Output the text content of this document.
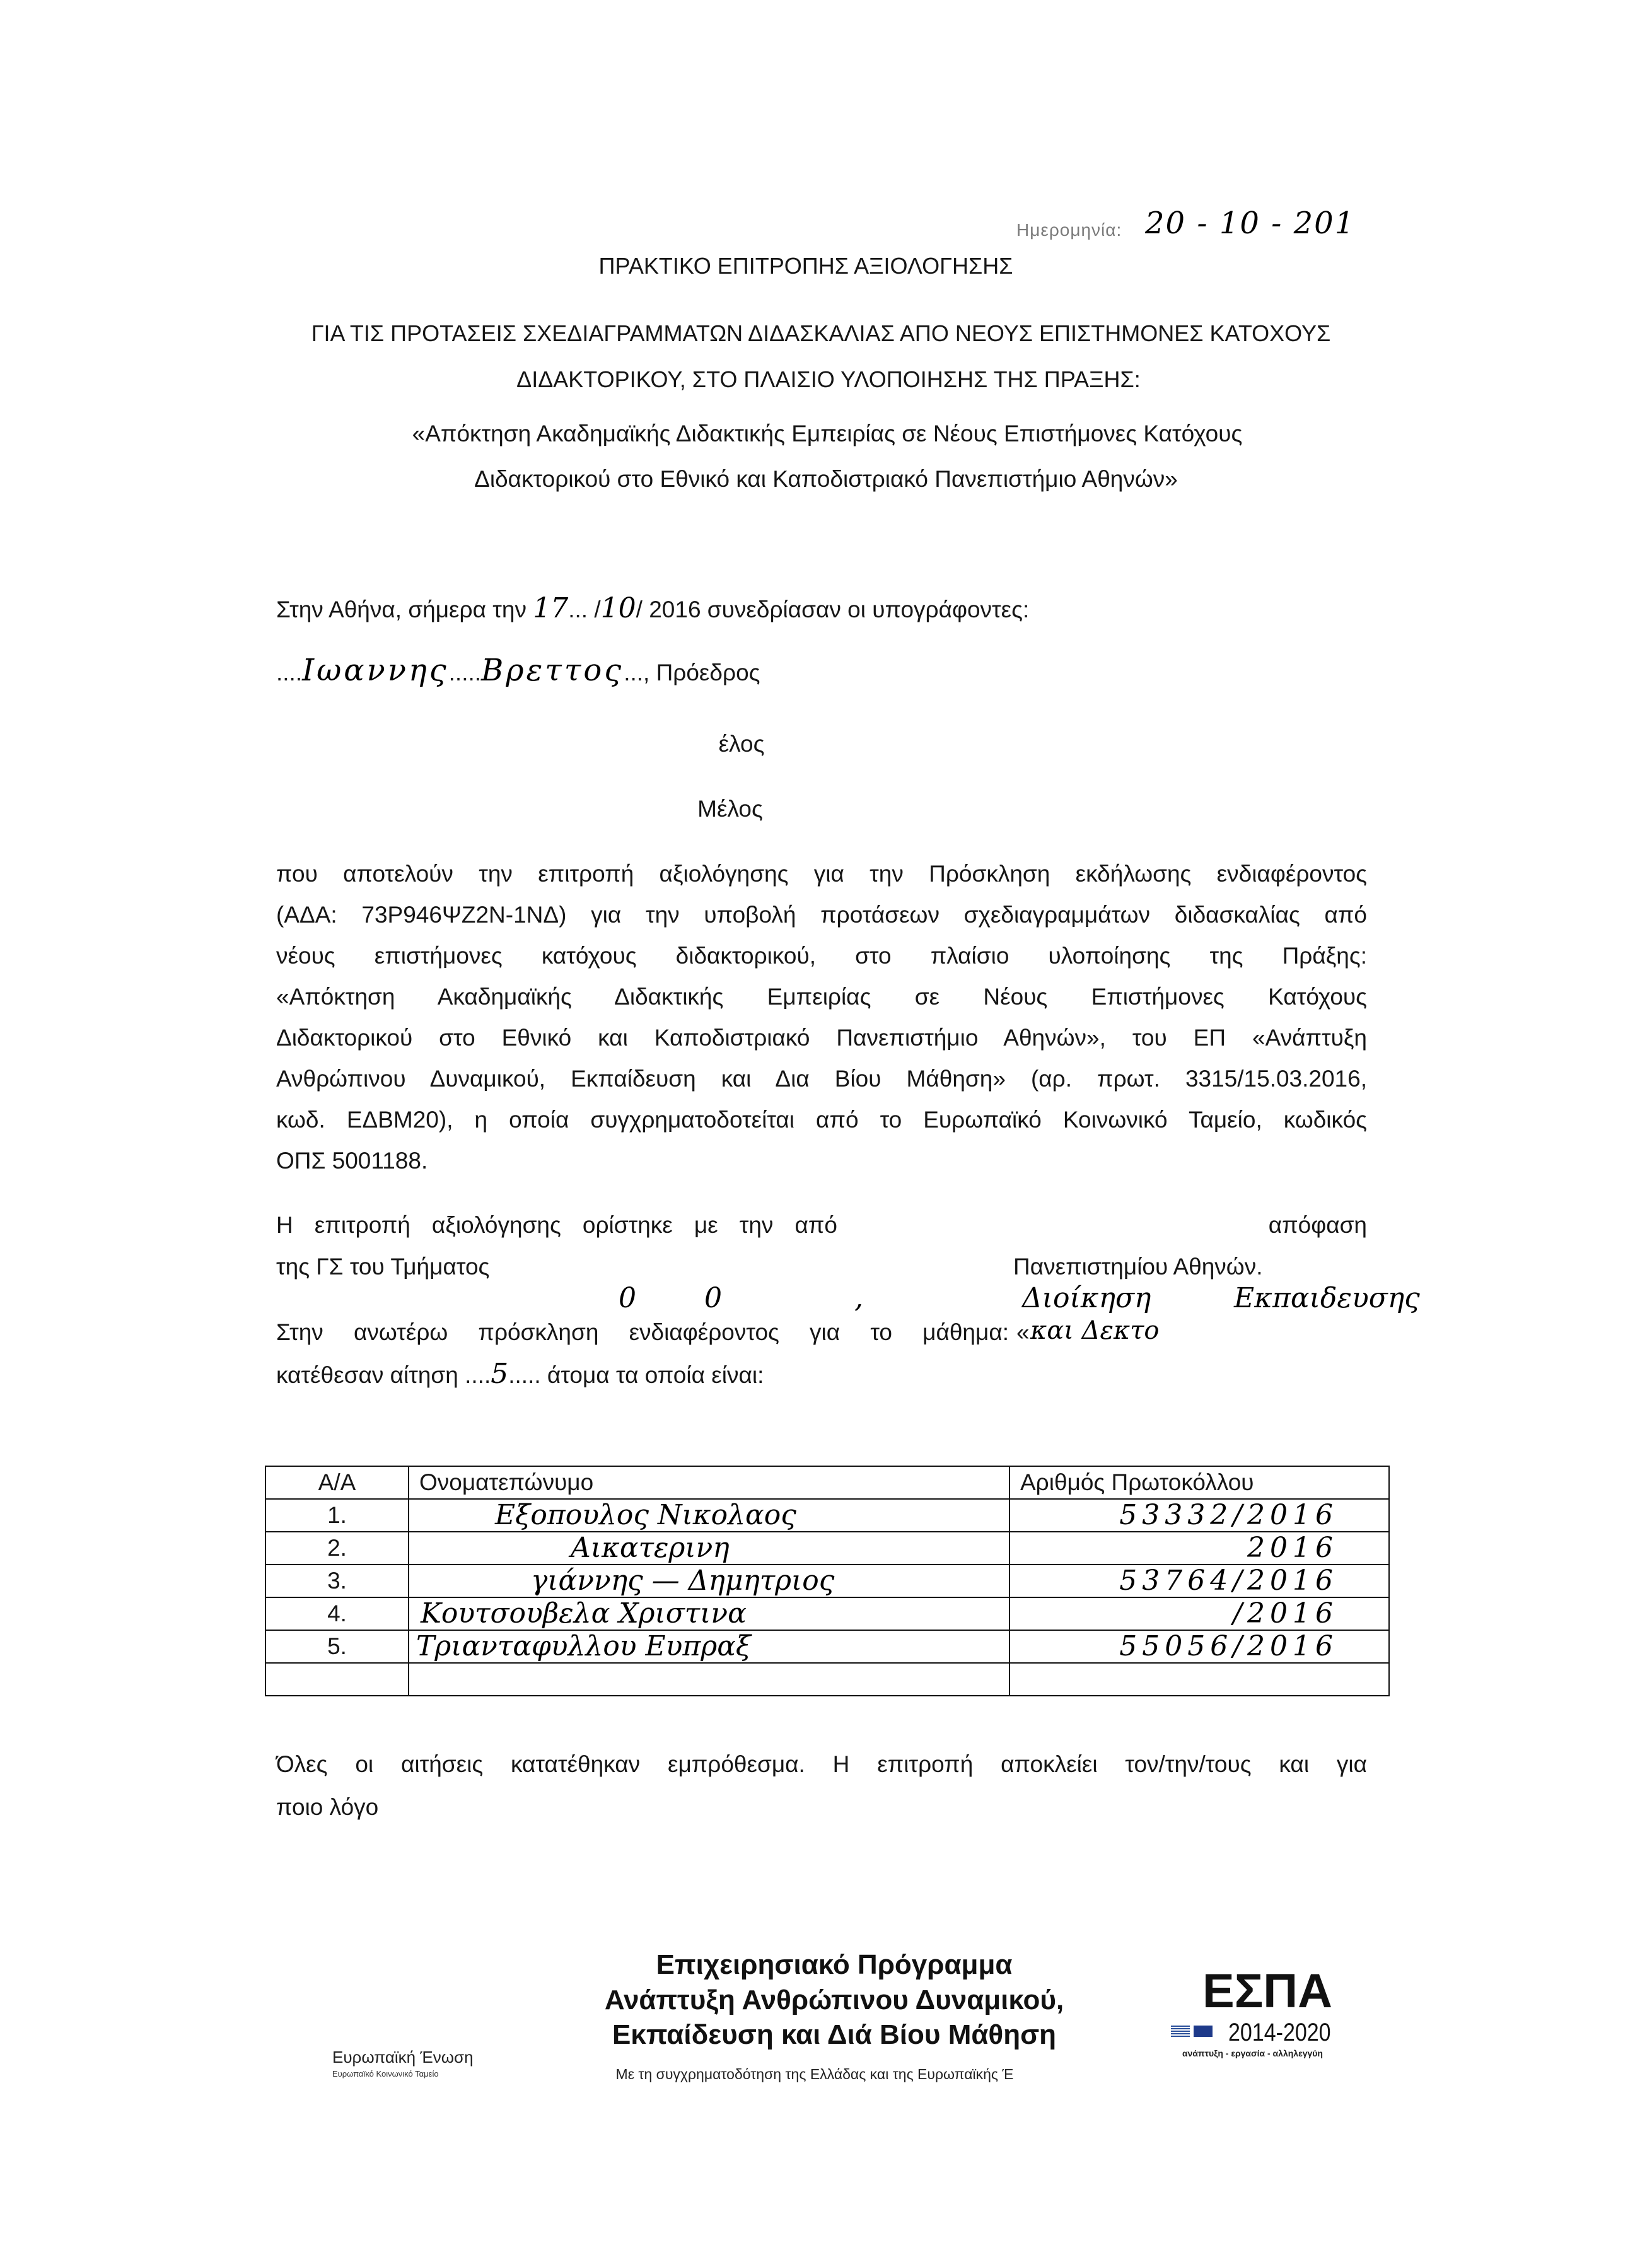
Ημερομηνία: 20 - 10 - 201
ΠΡΑΚΤΙΚΟ ΕΠΙΤΡΟΠΗΣ ΑΞΙΟΛΟΓΗΣΗΣ
ΓΙΑ ΤΙΣ ΠΡΟΤΑΣΕΙΣ ΣΧΕΔΙΑΓΡΑΜΜΑΤΩΝ ΔΙΔΑΣΚΑΛΙΑΣ ΑΠΟ ΝΕΟΥΣ ΕΠΙΣΤΗΜΟΝΕΣ ΚΑΤΟΧΟΥΣ
ΔΙΔΑΚΤΟΡΙΚΟΥ, ΣΤΟ ΠΛΑΙΣΙΟ ΥΛΟΠΟΙΗΣΗΣ ΤΗΣ ΠΡΑΞΗΣ:
«Απόκτηση Ακαδημαϊκής Διδακτικής Εμπειρίας σε Νέους Επιστήμονες Κατόχους
Διδακτορικού στο Εθνικό και Καποδιστριακό Πανεπιστήμιο Αθηνών»
Στην Αθήνα, σήμερα την 17... /10/ 2016 συνεδρίασαν οι υπογράφοντες:
....Ιωαννης.....Βρεττος..., Πρόεδρος
έλος
Μέλος
που αποτελούν την επιτροπή αξιολόγησης για την Πρόσκληση εκδήλωσης ενδιαφέροντος
(ΑΔΑ: 73Ρ946ΨΖ2Ν-1ΝΔ) για την υποβολή προτάσεων σχεδιαγραμμάτων διδασκαλίας από
νέους επιστήμονες κατόχους διδακτορικού, στο πλαίσιο υλοποίησης της Πράξης:
«Απόκτηση Ακαδημαϊκής Διδακτικής Εμπειρίας σε Νέους Επιστήμονες Κατόχους
Διδακτορικού στο Εθνικό και Καποδιστριακό Πανεπιστήμιο Αθηνών», του ΕΠ «Ανάπτυξη
Ανθρώπινου Δυναμικού, Εκπαίδευση και Δια Βίου Μάθηση» (αρ. πρωτ. 3315/15.03.2016,
κωδ. ΕΔΒΜ20), η οποία συγχρηματοδοτείται από το Ευρωπαϊκό Κοινωνικό Ταμείο, κωδικός
ΟΠΣ 5001188.
Η επιτροπή αξιολόγησης ορίστηκε με την από	απόφαση
της ΓΣ του Τμήματος	Πανεπιστημίου Αθηνών.
0 0	,	Διοίκηση	Εκπαιδευσης
Στην ανωτέρω πρόσκληση ενδιαφέροντος για το μάθημα: « και Δεκτο
κατέθεσαν αίτηση ....5..... άτομα τα οποία είναι:
Α/Α	Ονοματεπώνυμο	Αριθμός Πρωτοκόλλου
1.	Εξοπουλος Νικολαος	53332/2016
2.	Αικατερινη	2016
3.	γιάννης — Δημητριος	53764/2016
4.	Κουτσουβελα Χριστινα	/2016
5.	Τριανταφυλλου Ευπραξ	55056/2016

Όλες οι αιτήσεις κατατέθηκαν εμπρόθεσμα. Η επιτροπή αποκλείει τον/την/τους και για
ποιο λόγο
Ευρωπαϊκή Ένωση
Ευρωπαϊκό Κοινωνικό Ταμείο
Επιχειρησιακό Πρόγραμμα
Ανάπτυξη Ανθρώπινου Δυναμικού,
Εκπαίδευση και Διά Βίου Μάθηση
Με τη συγχρηματοδότηση της Ελλάδας και της Ευρωπαϊκής Έ
ΕΣΠΑ
2014-2020
ανάπτυξη - εργασία - αλληλεγγύη
